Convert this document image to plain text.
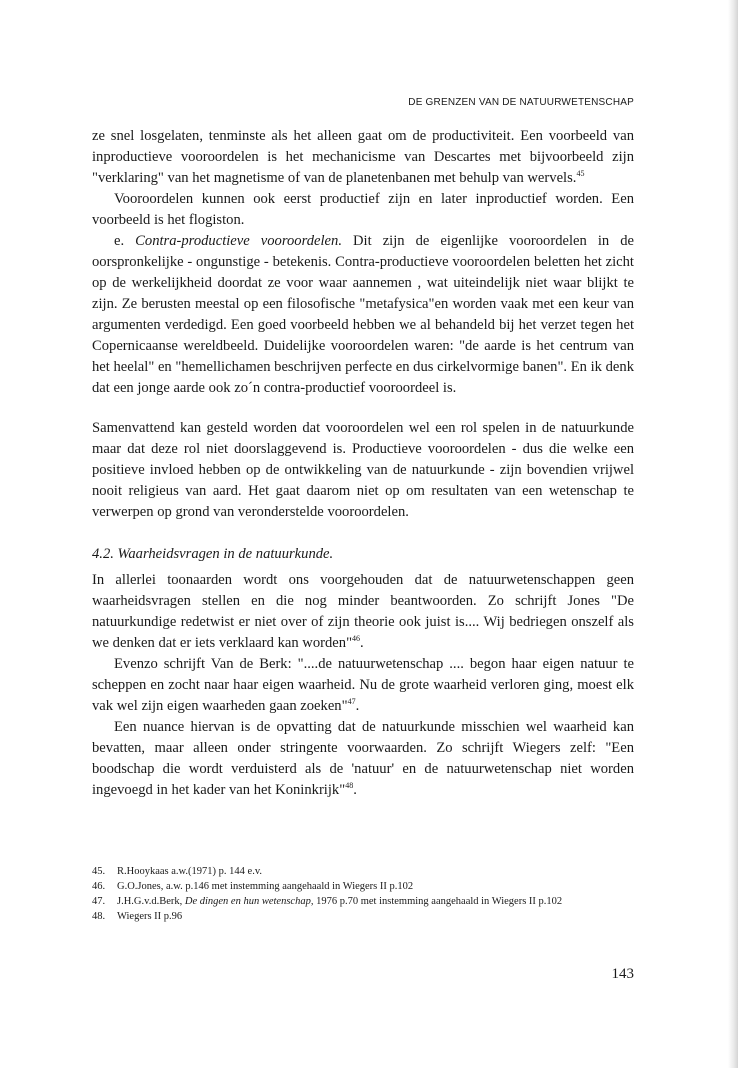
DE GRENZEN VAN DE NATUURWETENSCHAP

ze snel losgelaten, tenminste als het alleen gaat om de productiviteit. Een voorbeeld van inproductieve vooroordelen is het mechanicisme van Descartes met bijvoorbeeld zijn "verklaring" van het magnetisme of van de planetenbanen met behulp van wervels.$^{45}$

Vooroordelen kunnen ook eerst productief zijn en later inproductief worden. Een voorbeeld is het flogiston.

e. Contra-productieve vooroordelen. Dit zijn de eigenlijke vooroordelen in de oorspronkelijke - ongunstige - betekenis. Contra-productieve vooroordelen beletten het zicht op de werkelijkheid doordat ze voor waar aannemen , wat uiteindelijk niet waar blijkt te zijn. Ze berusten meestal op een filosofische "metafysica"en worden vaak met een keur van argumenten verdedigd. Een goed voorbeeld hebben we al behandeld bij het verzet tegen het Copernicaanse wereldbeeld. Duidelijke vooroordelen waren: "de aarde is het centrum van het heelal" en "hemellichamen beschrijven perfecte en dus cirkelvormige banen". En ik denk dat een jonge aarde ook zo´n contra-productief vooroordeel is.

Samenvattend kan gesteld worden dat vooroordelen wel een rol spelen in de natuurkunde maar dat deze rol niet doorslaggevend is. Productieve vooroordelen - dus die welke een positieve invloed hebben op de ontwikkeling van de natuurkunde - zijn bovendien vrijwel nooit religieus van aard. Het gaat daarom niet op om resultaten van een wetenschap te verwerpen op grond van veronderstelde vooroordelen.

4.2. Waarheidsvragen in de natuurkunde.

In allerlei toonaarden wordt ons voorgehouden dat de natuurwetenschappen geen waarheidsvragen stellen en die nog minder beantwoorden. Zo schrijft Jones "De natuurkundige redetwist er niet over of zijn theorie ook juist is.... Wij bedriegen onszelf als we denken dat er iets verklaard kan worden"$^{46}$.

Evenzo schrijft Van de Berk: "....de natuurwetenschap .... begon haar eigen natuur te scheppen en zocht naar haar eigen waarheid. Nu de grote waarheid verloren ging, moest elk vak wel zijn eigen waarheden gaan zoeken"$^{47}$.

Een nuance hiervan is de opvatting dat de natuurkunde misschien wel waarheid kan bevatten, maar alleen onder stringente voorwaarden. Zo schrijft Wiegers zelf: "Een boodschap die wordt verduisterd als de 'natuur' en de natuurwetenschap niet worden ingevoegd in het kader van het Koninkrijk"$^{48}$.

45.	R.Hooykaas a.w.(1971) p. 144 e.v.
46.	G.O.Jones, a.w. p.146 met instemming aangehaald in Wiegers II p.102
47.	J.H.G.v.d.Berk, De dingen en hun wetenschap, 1976 p.70 met instemming aangehaald in Wiegers II p.102
48.	Wiegers II p.96
143
